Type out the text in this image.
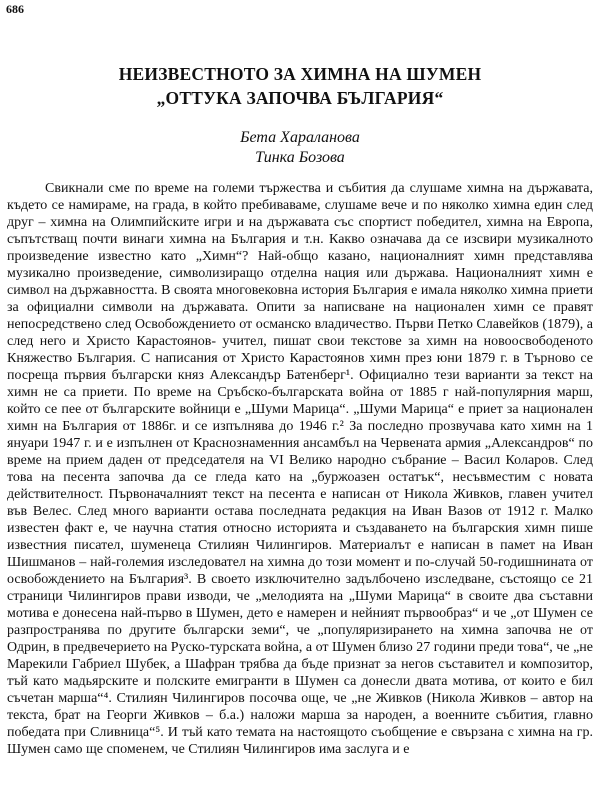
686
НЕИЗВЕСТНОТО ЗА ХИМНА НА ШУМЕН
„ОТТУКА ЗАПОЧВА БЪЛГАРИЯ“
Бета Хараланова
Тинка Бозова

Свикнали сме по време на големи тържества и събития да слушаме химна на държавата, където се намираме, на града, в който пребиваваме, слушаме вече и по няколко химна един след друг – химна на Олимпийските игри и на държавата със спортист победител, химна на Европа, съпътстващ почти винаги химна на България и т.н. Какво означава да се изсвири музикалното произведение известно като „Химн“? Най-общо казано, националният химн представлява музикално произведение, символизиращо отделна нация или държава. Националният химн е символ на държавността. В своята многовековна история България е имала няколко химна приети за официални символи на държавата. Опити за написване на национален химн се правят непосредствено след Освобождението от османско владичество. Първи Петко Славейков (1879), а след него и Христо Карастоянов- учител, пишат свои текстове за химн на новоосвободеното Княжество България. С написания от Христо Карастоянов химн през юни 1879 г. в Търново се посреща първия български княз Александър Батенберг¹. Официално тези варианти за текст на химн не са приети. По време на Сръбско-българската война от 1885 г най-популярния марш, който се пее от българските войници е „Шуми Марица“. „Шуми Марица“ е приет за национален химн на България от 1886г. и се изпълнява до 1946 г.² За последно прозвучава като химн на 1 януари 1947 г. и е изпълнен от Краснознаменния ансамбъл на Червената армия „Александров“ по време на прием даден от председателя на VI Велико народно събрание – Васил Коларов. След това на песента започва да се гледа като на „буржоазен остатък“, несъвместим с новата действителност. Първоначалният текст на песента е написан от Никола Живков, главен учител във Велес. След много варианти остава последната редакция на Иван Вазов от 1912 г. Малко известен факт е, че научна статия относно историята и създаването на българския химн пише известния писател, шуменеца Стилиян Чилингиров. Материалът е написан в памет на Иван Шишманов – най-големия изследовател на химна до този момент и по-случай 50-годишнината от освобождението на България³. В своето изключително задълбочено изследване, състоящо се 21 страници Чилингиров прави изводи, че „мелодията на „Шуми Марица“ в своите два съставни мотива е донесена най-първо в Шумен, дето е намерен и нейният първообраз“ и че „от Шумен се разпространява по другите български земи“, че „популяризирането на химна започва не от Одрин, в предвечерието на Руско-турската война, а от Шумен близо 27 години преди това“, че „не Марекили Габриел Шубек, а Шафран трябва да бъде признат за негов съставител и композитор, тъй като мадьярските и полските емигранти в Шумен са донесли двата мотива, от които е бил съчетан марша“⁴. Стилиян Чилингиров посочва още, че „не Живков (Никола Живков – автор на текста, брат на Георги Живков – б.а.) наложи марша за народен, а военните събития, главно победата при Сливница“⁵. И тъй като темата на настоящото съобщение е свързана с химна на гр. Шумен само ще споменем, че Стилиян Чилингиров има заслуга и е
